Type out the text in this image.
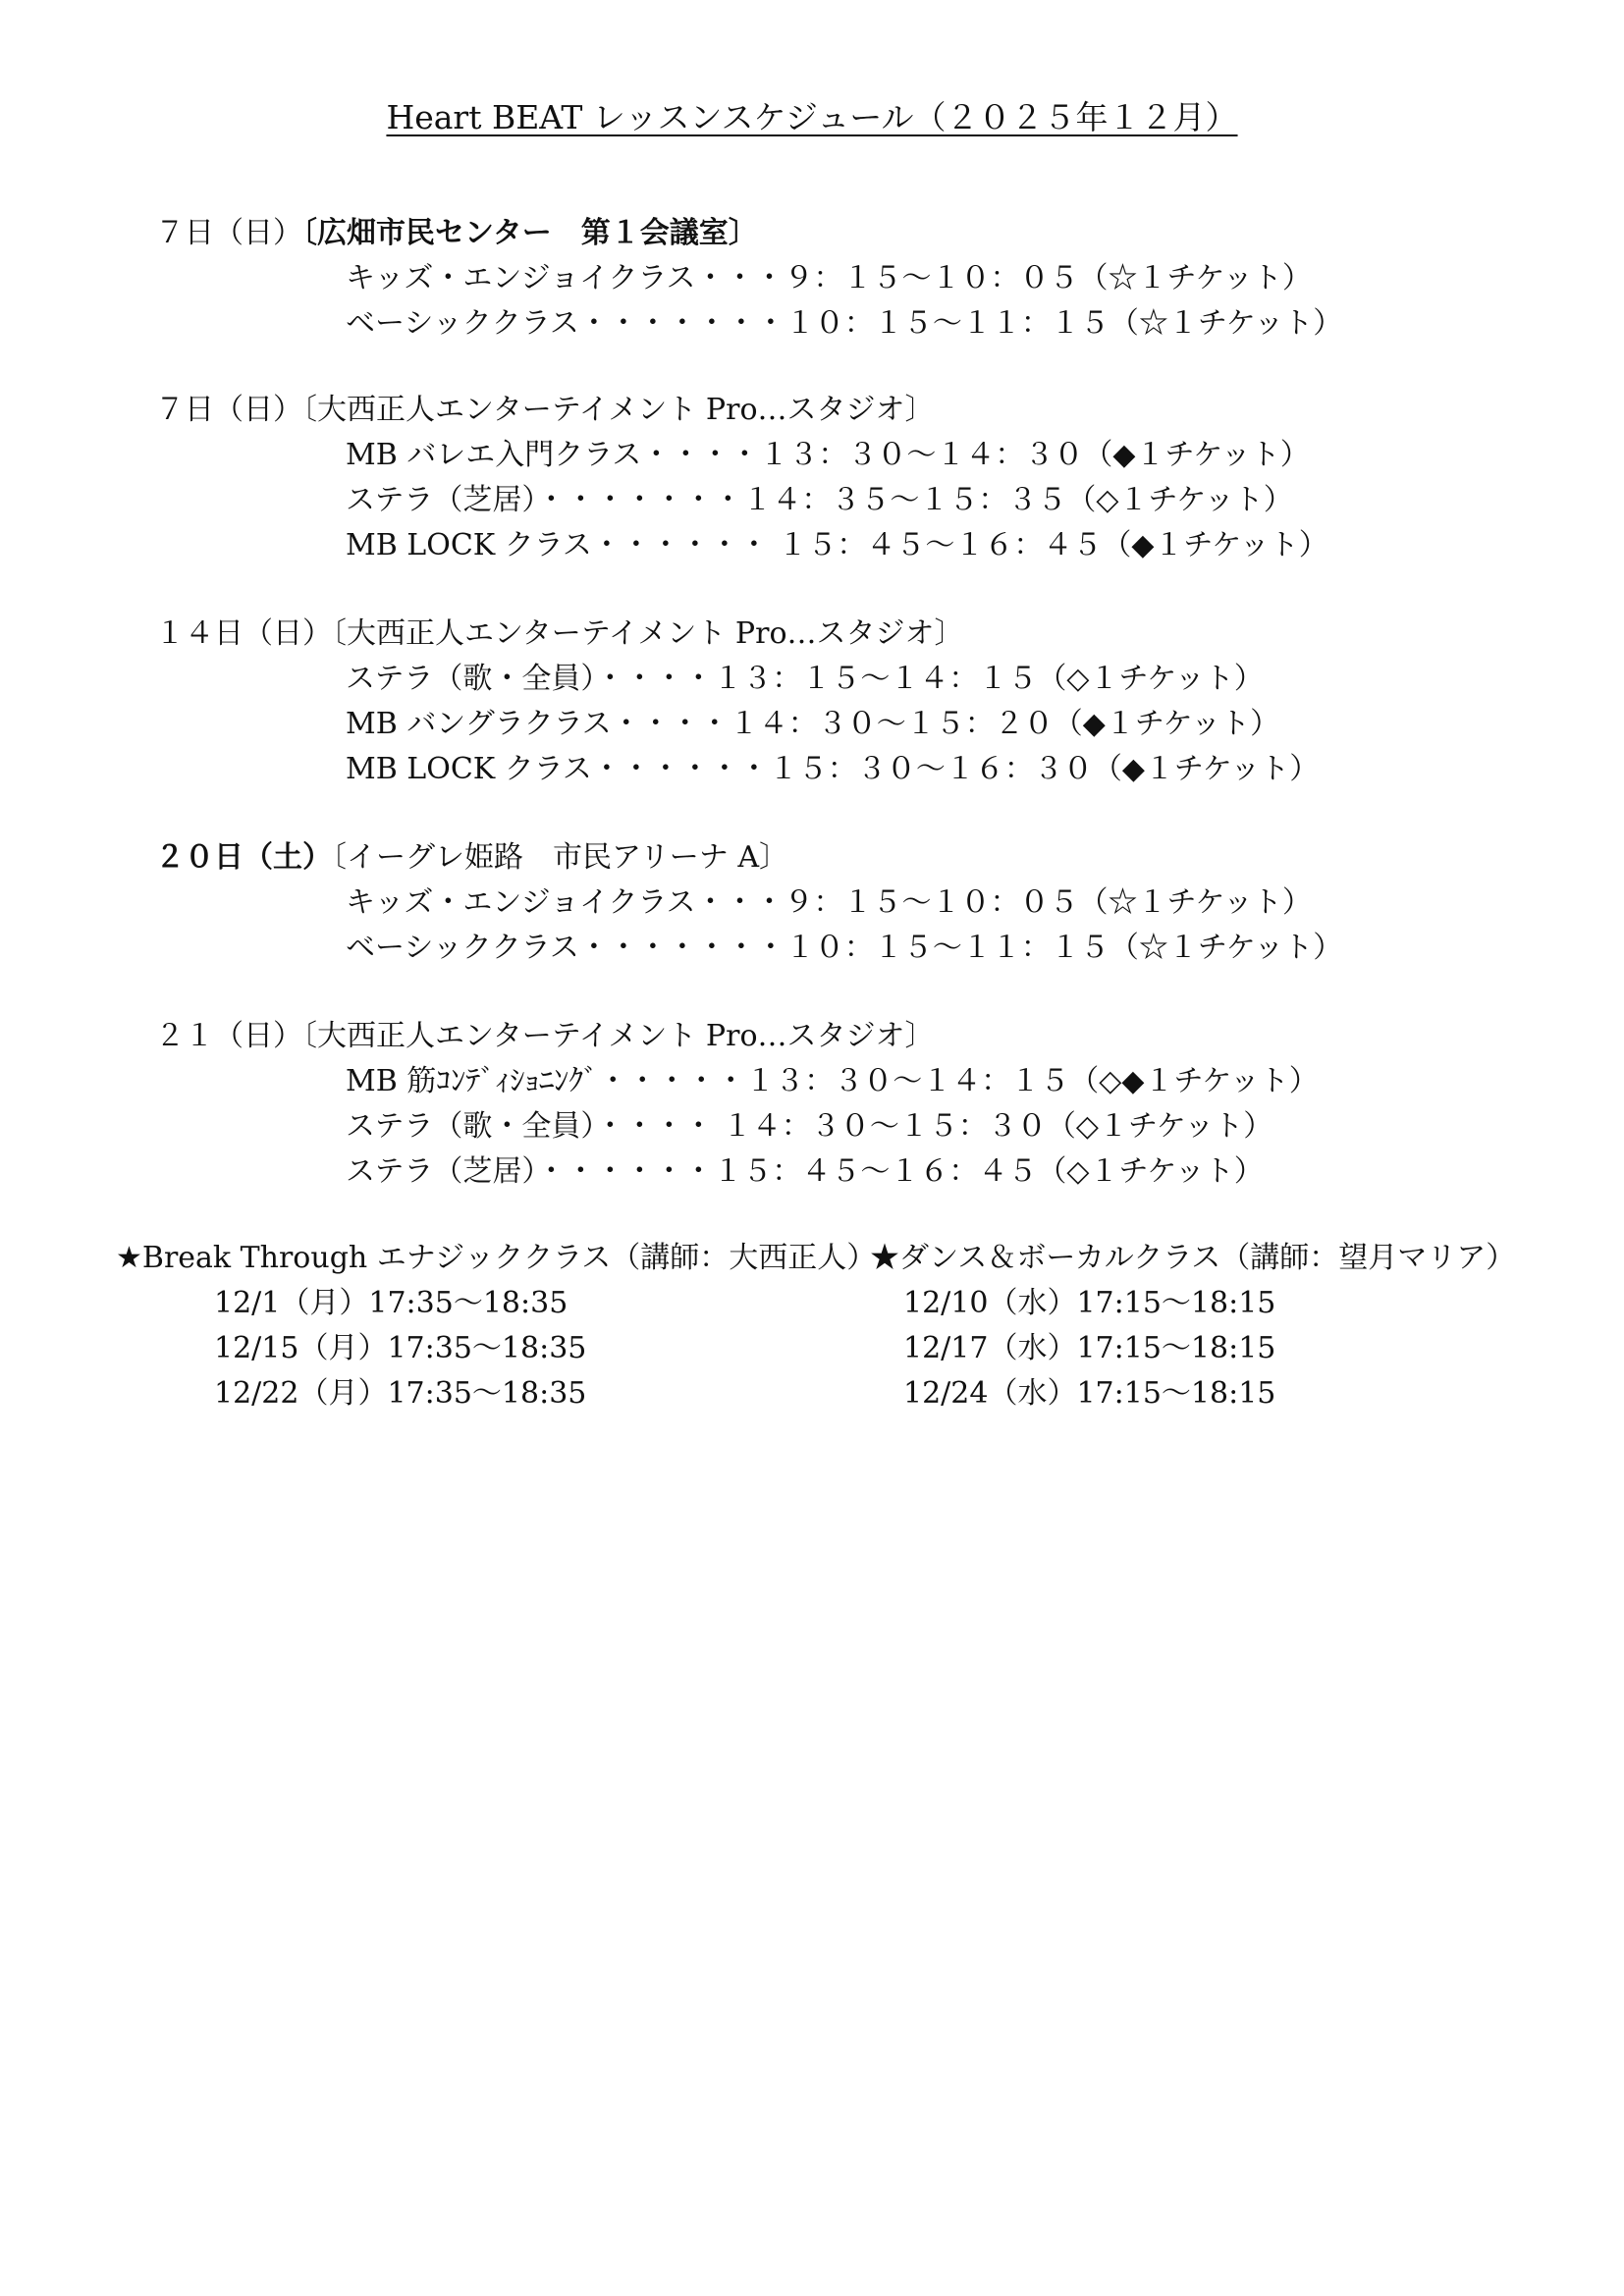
Heart BEAT レッスンスケジュール（２０２５年１２月）
７日（日）〔広畑市民センター　第１会議室〕
キッズ・エンジョイクラス・・・９：１５～１０：０５（☆１チケット）
ベーシッククラス・・・・・・・１０：１５～１１：１５（☆１チケット）
７日（日）〔大西正人エンターテイメント Pro…スタジオ〕
MB バレエ入門クラス・・・・１３：３０～１４：３０（◆１チケット）
ステラ（芝居）・・・・・・・１４：３５～１５：３５（◇１チケット）
MB LOCK クラス・・・・・・ １５：４５～１６：４５（◆１チケット）
１４日（日）〔大西正人エンターテイメント Pro…スタジオ〕
ステラ（歌・全員）・・・・１３：１５～１４：１５（◇１チケット）
MB バングラクラス・・・・１４：３０～１５：２０（◆１チケット）
MB LOCK クラス・・・・・・１５：３０～１６：３０（◆１チケット）
２０日（土）〔イーグレ姫路　市民アリーナ A〕
キッズ・エンジョイクラス・・・９：１５～１０：０５（☆１チケット）
ベーシッククラス・・・・・・・１０：１５～１１：１５（☆１チケット）
２１（日）〔大西正人エンターテイメント Pro…スタジオ〕
MB 筋ｺﾝﾃﾞｨｼｮﾆﾝｸﾞ・・・・・１３：３０～１４：１５（◇◆１チケット）
ステラ（歌・全員）・・・・ １４：３０～１５：３０（◇１チケット）
ステラ（芝居）・・・・・・１５：４５～１６：４５（◇１チケット）
★Break Through エナジッククラス（講師：大西正人）
★ダンス＆ボーカルクラス（講師：望月マリア）
12/1（月）17:35～18:35
12/15（月）17:35～18:35
12/22（月）17:35～18:35
12/10（水）17:15～18:15
12/17（水）17:15～18:15
12/24（水）17:15～18:15
